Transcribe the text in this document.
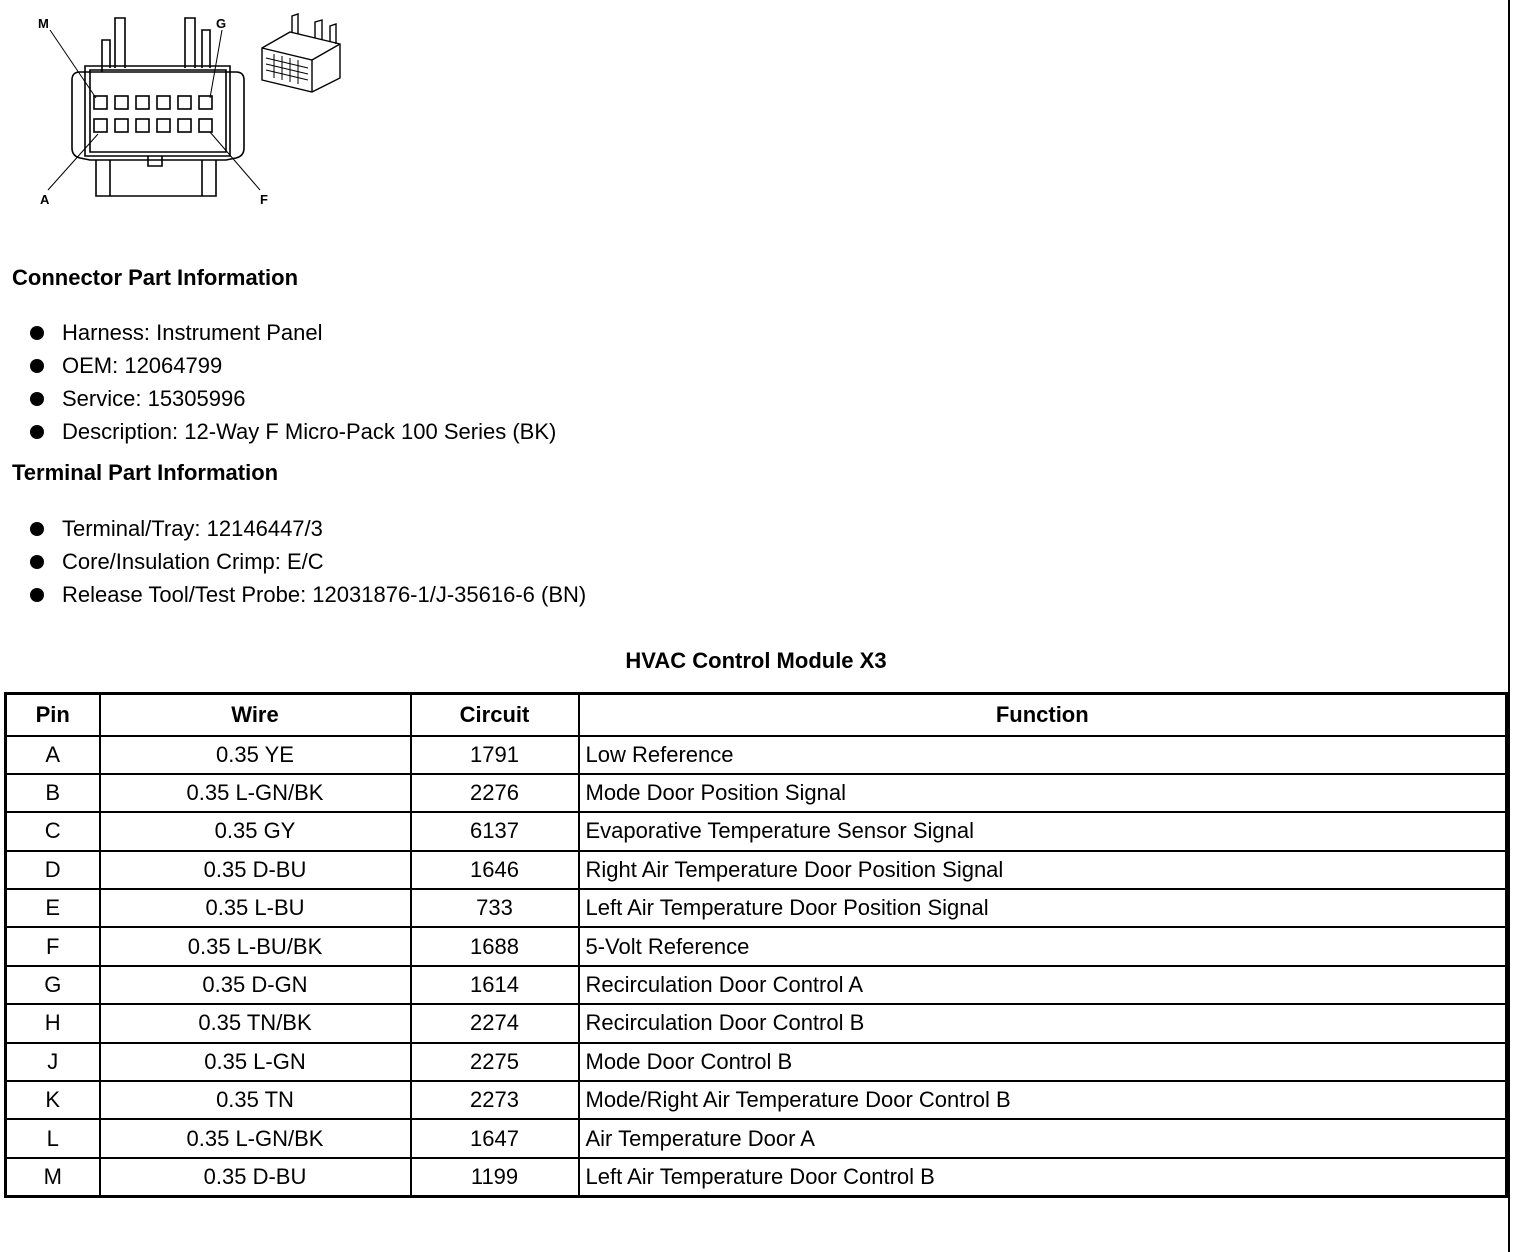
M	G
A	F
Connector Part Information
Harness: Instrument Panel
OEM: 12064799
Service: 15305996
Description: 12-Way F Micro-Pack 100 Series (BK)
Terminal Part Information
Terminal/Tray: 12146447/3
Core/Insulation Crimp: E/C
Release Tool/Test Probe: 12031876-1/J-35616-6 (BN)
HVAC Control Module X3
Pin	Wire	Circuit	Function
A	0.35 YE	1791	Low Reference
B	0.35 L-GN/BK	2276	Mode Door Position Signal
C	0.35 GY	6137	Evaporative Temperature Sensor Signal
D	0.35 D-BU	1646	Right Air Temperature Door Position Signal
E	0.35 L-BU	733	Left Air Temperature Door Position Signal
F	0.35 L-BU/BK	1688	5-Volt Reference
G	0.35 D-GN	1614	Recirculation Door Control A
H	0.35 TN/BK	2274	Recirculation Door Control B
J	0.35 L-GN	2275	Mode Door Control B
K	0.35 TN	2273	Mode/Right Air Temperature Door Control B
L	0.35 L-GN/BK	1647	Air Temperature Door A
M	0.35 D-BU	1199	Left Air Temperature Door Control B
